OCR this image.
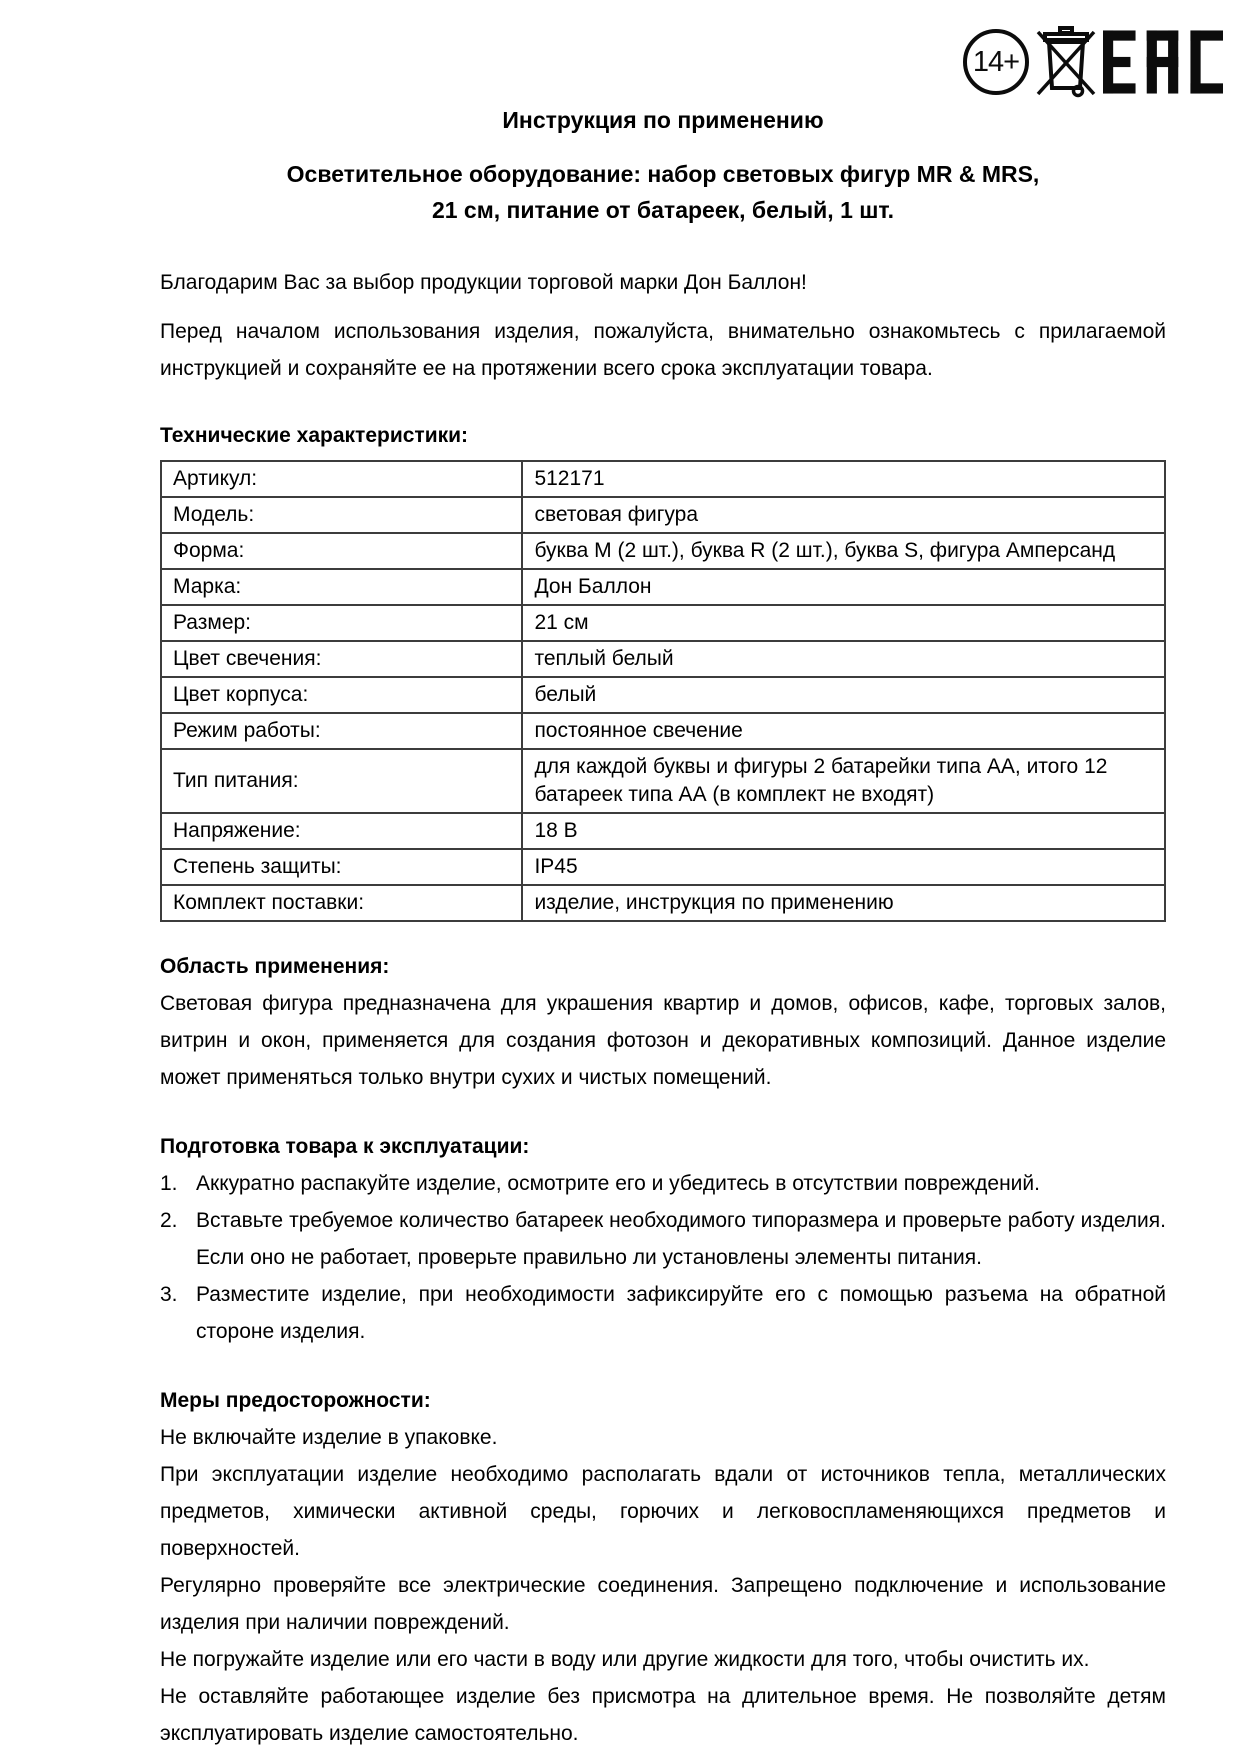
14+
Инструкция по применению
Осветительное оборудование: набор световых фигур MR & MRS,
21 см, питание от батареек, белый, 1 шт.

Благодарим Вас за выбор продукции торговой марки Дон Баллон!

Перед началом использования изделия, пожалуйста, внимательно ознакомьтесь с прилагаемой инструкцией и сохраняйте ее на протяжении всего срока эксплуатации товара.

Технические характеристики:
Артикул:	512171
Модель:	световая фигура
Форма:	буква M (2 шт.), буква R (2 шт.), буква S, фигура Амперсанд
Марка:	Дон Баллон
Размер:	21 см
Цвет свечения:	теплый белый
Цвет корпуса:	белый
Режим работы:	постоянное свечение
Тип питания:	для каждой буквы и фигуры 2 батарейки типа АА, итого 12 батареек типа АА (в комплект не входят)
Напряжение:	18 В
Степень защиты:	IP45
Комплект поставки:	изделие, инструкция по применению
Область применения:

Световая фигура предназначена для украшения квартир и домов, офисов, кафе, торговых залов, витрин и окон, применяется для создания фотозон и декоративных композиций. Данное изделие может применяться только внутри сухих и чистых помещений.

Подготовка товара к эксплуатации:
1. Аккуратно распакуйте изделие, осмотрите его и убедитесь в отсутствии повреждений.
2. Вставьте требуемое количество батареек необходимого типоразмера и проверьте работу изделия. Если оно не работает, проверьте правильно ли установлены элементы питания.
3. Разместите изделие, при необходимости зафиксируйте его с помощью разъема на обратной стороне изделия.
Меры предосторожности:

Не включайте изделие в упаковке.

При эксплуатации изделие необходимо располагать вдали от источников тепла, металлических предметов, химически активной среды, горючих и легковоспламеняющихся предметов и поверхностей.

Регулярно проверяйте все электрические соединения. Запрещено подключение и использование изделия при наличии повреждений.

Не погружайте изделие или его части в воду или другие жидкости для того, чтобы очистить их.

Не оставляйте работающее изделие без присмотра на длительное время. Не позволяйте детям эксплуатировать изделие самостоятельно.
